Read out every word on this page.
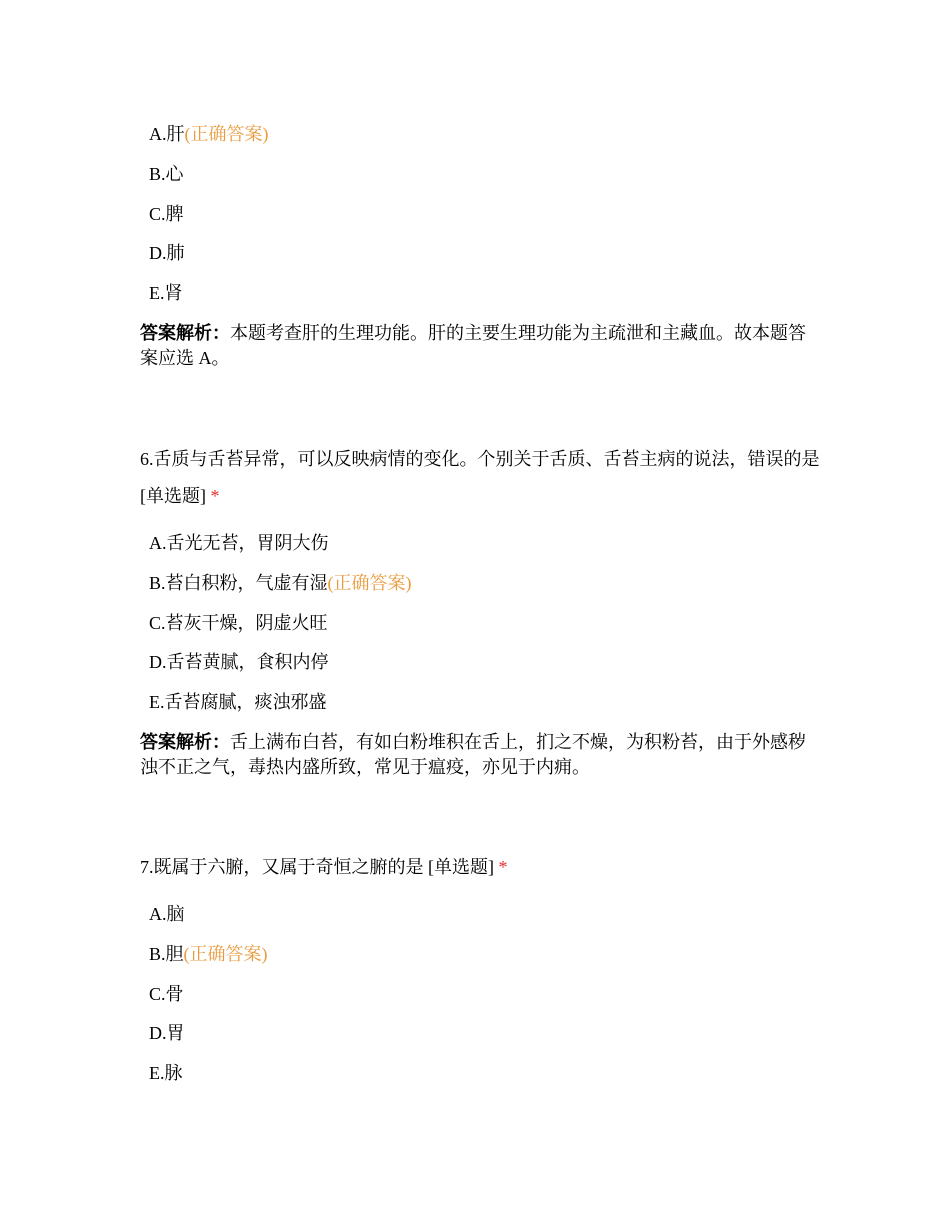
A.肝(正确答案)
B.心
C.脾
D.肺
E.肾
答案解析：本题考查肝的生理功能。肝的主要生理功能为主疏泄和主藏血。故本题答案应选 A。
6.舌质与舌苔异常，可以反映病情的变化。个别关于舌质、舌苔主病的说法，错误的是 [单选题] *
A.舌光无苔，胃阴大伤
B.苔白积粉，气虚有湿(正确答案)
C.苔灰干燥，阴虚火旺
D.舌苔黄腻，食积内停
E.舌苔腐腻，痰浊邪盛
答案解析：舌上满布白苔，有如白粉堆积在舌上，扪之不燥，为积粉苔，由于外感秽浊不正之气，毒热内盛所致，常见于瘟疫，亦见于内痈。
7.既属于六腑，又属于奇恒之腑的是 [单选题] *
A.脑
B.胆(正确答案)
C.骨
D.胃
E.脉
